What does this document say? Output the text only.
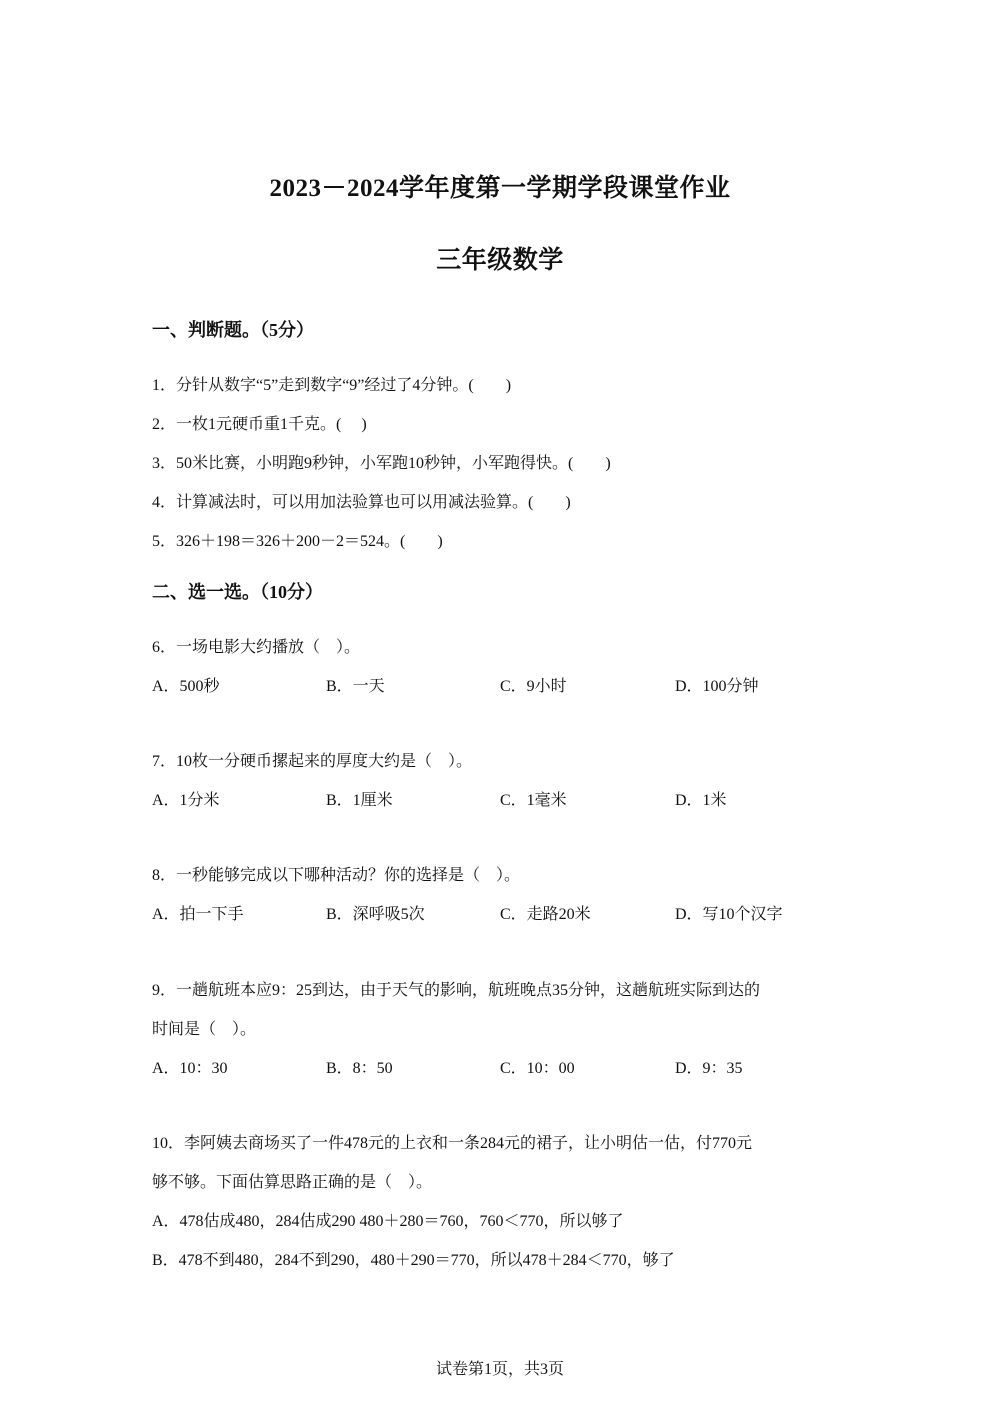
2023－2024学年度第一学期学段课堂作业
三年级数学
一、判断题。（5分）
1．分针从数字“5”走到数字“9”经过了4分钟。(　　)
2．一枚1元硬币重1千克。(　 )
3．50米比赛，小明跑9秒钟，小军跑10秒钟，小军跑得快。(　　)
4．计算减法时，可以用加法验算也可以用减法验算。(　　)
5．326＋198＝326＋200－2＝524。(　　)
二、选一选。（10分）
6．一场电影大约播放（　）。
A．500秒	B．一天	C．9小时	D．100分钟
7．10枚一分硬币摞起来的厚度大约是（　）。
A．1分米	B．1厘米	C．1毫米	D．1米
8．一秒能够完成以下哪种活动？你的选择是（　）。
A．拍一下手	B．深呼吸5次	C．走路20米	D．写10个汉字
9．一趟航班本应9：25到达，由于天气的影响，航班晚点35分钟，这趟航班实际到达的
时间是（　）。
A．10：30	B．8：50	C．10：00	D．9：35
10．李阿姨去商场买了一件478元的上衣和一条284元的裙子，让小明估一估，付770元
够不够。下面估算思路正确的是（　）。
A．478估成480，284估成290 480＋280＝760，760＜770，所以够了
B．478不到480，284不到290，480＋290＝770，所以478＋284＜770，够了
试卷第1页，共3页
